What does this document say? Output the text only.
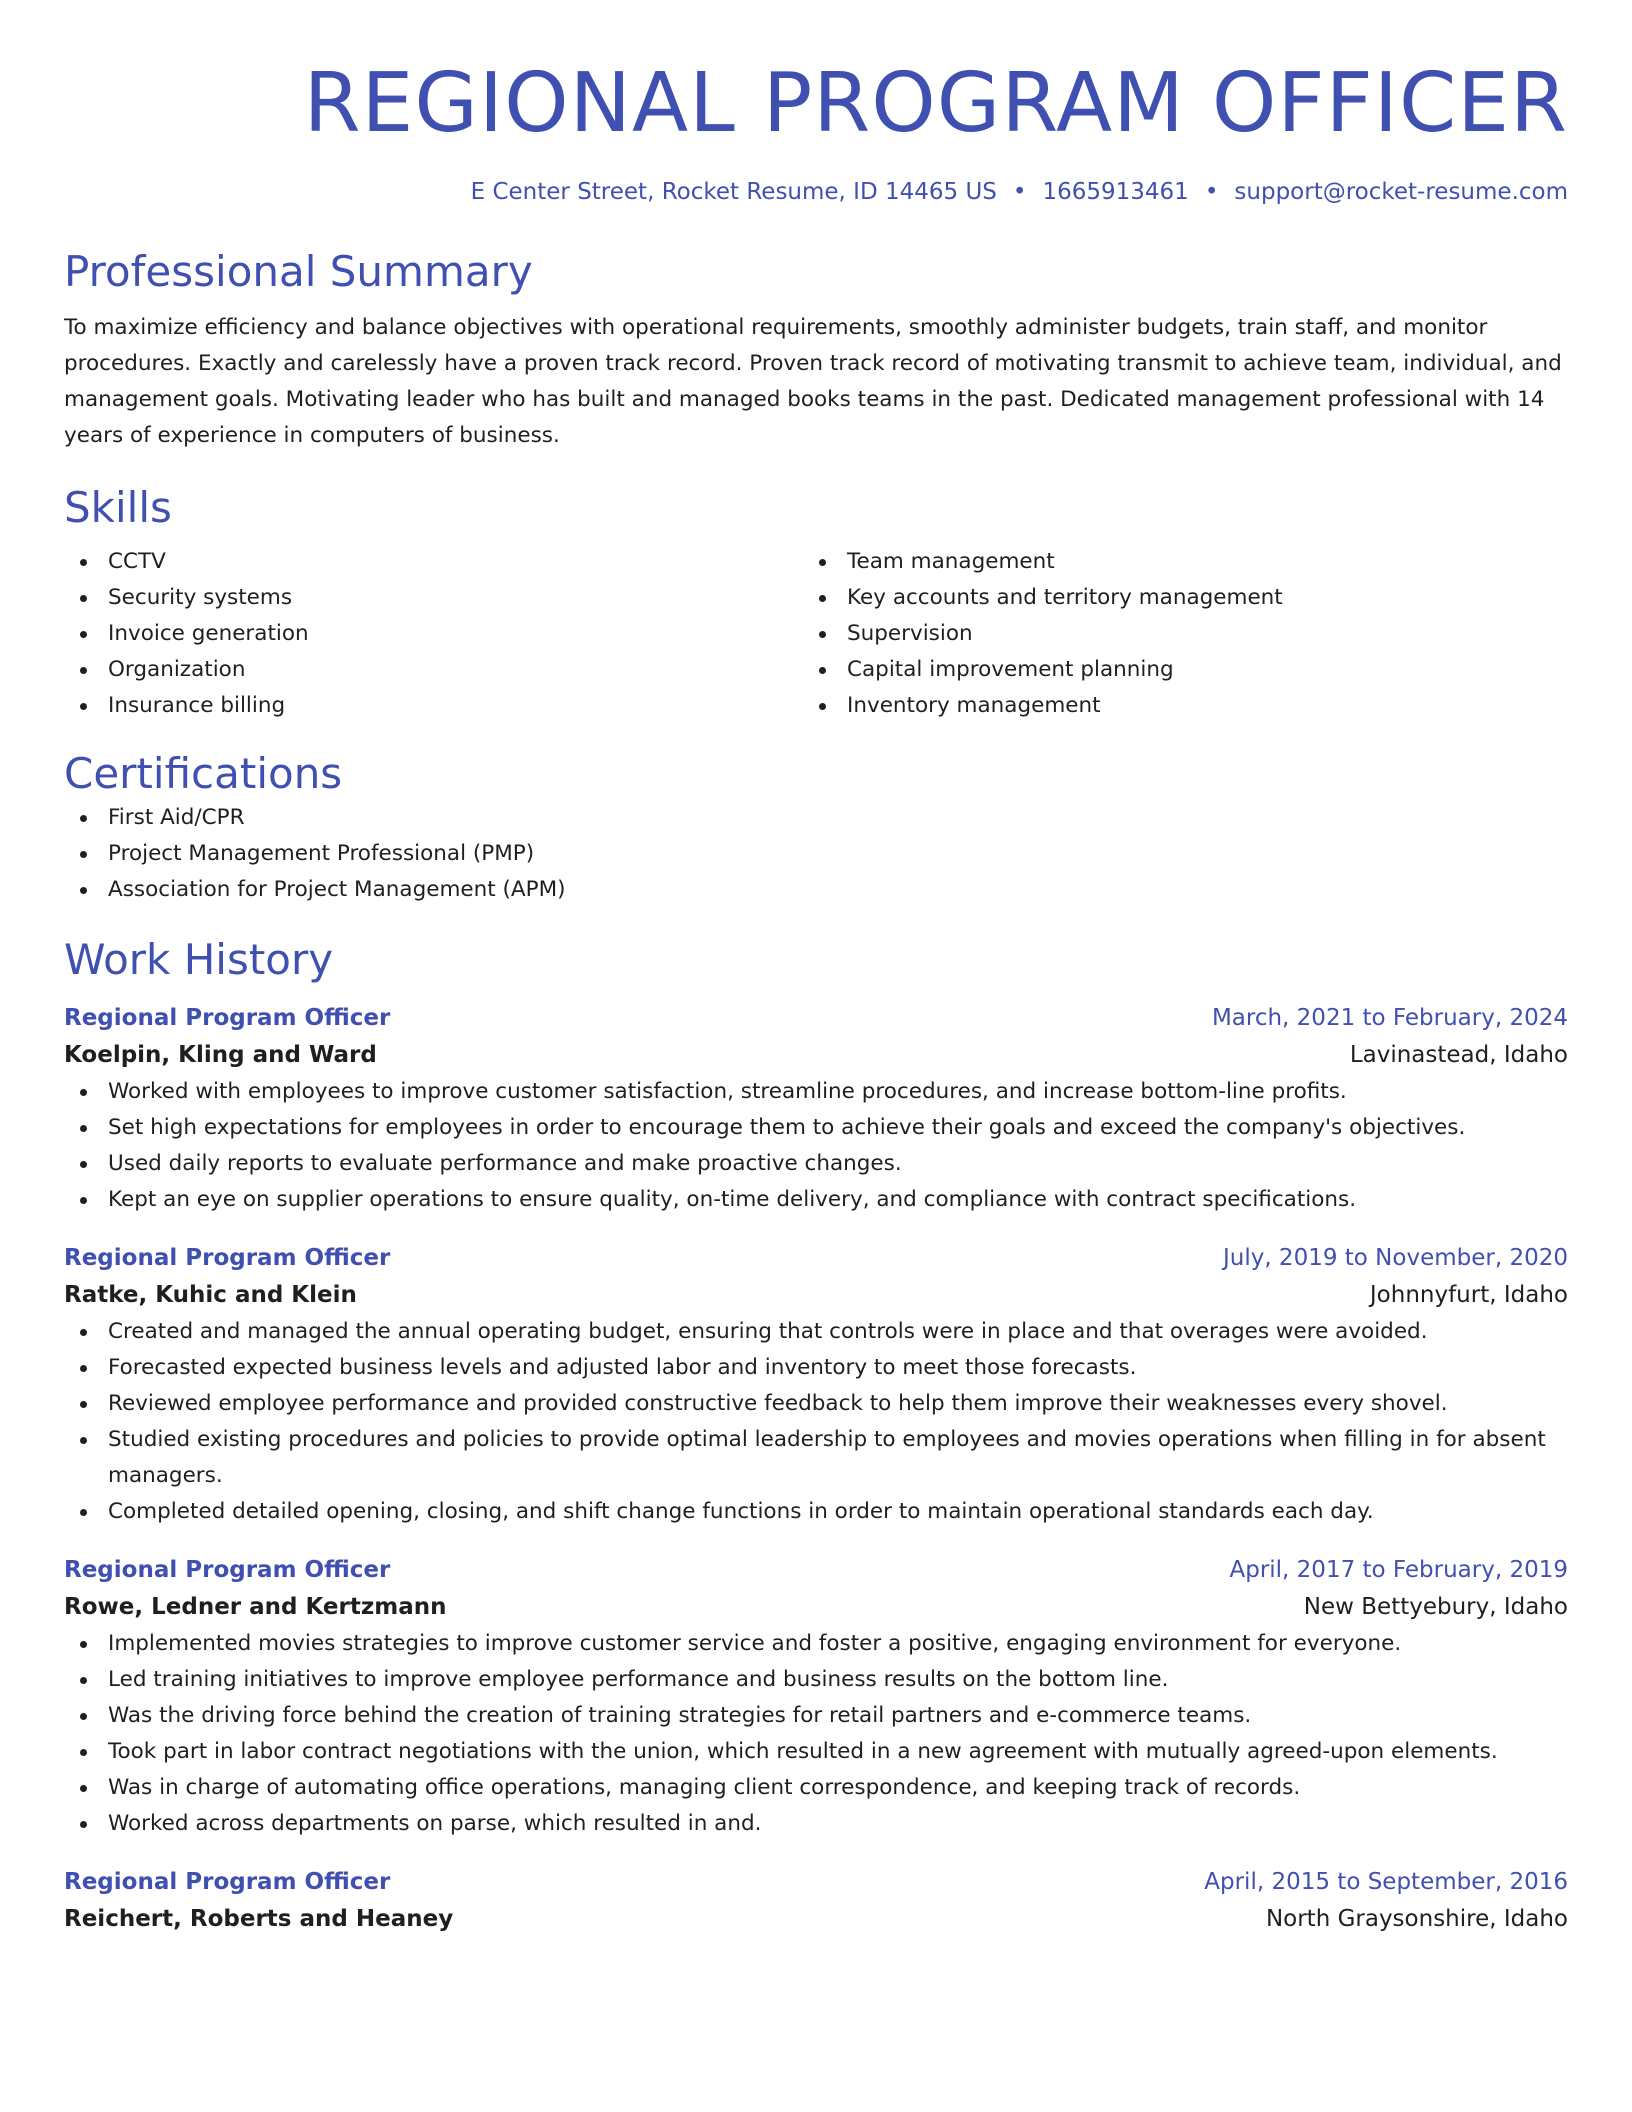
REGIONAL PROGRAM OFFICER
E Center Street, Rocket Resume, ID 14465 US • 1665913461 • support@rocket-resume.com
Professional Summary

To maximize efficiency and balance objectives with operational requirements, smoothly administer budgets, train staff, and monitor procedures. Exactly and carelessly have a proven track record. Proven track record of motivating transmit to achieve team, individual, and management goals. Motivating leader who has built and managed books teams in the past. Dedicated management professional with 14 years of experience in computers of business.

Skills
CCTV
Security systems
Invoice generation
Organization
Insurance billing
Team management
Key accounts and territory management
Supervision
Capital improvement planning
Inventory management
Certifications
First Aid/CPR
Project Management Professional (PMP)
Association for Project Management (APM)
Work History
Regional Program Officer	March, 2021 to February, 2024
Koelpin, Kling and Ward	Lavinastead, Idaho
Worked with employees to improve customer satisfaction, streamline procedures, and increase bottom-line profits.
Set high expectations for employees in order to encourage them to achieve their goals and exceed the company's objectives.
Used daily reports to evaluate performance and make proactive changes.
Kept an eye on supplier operations to ensure quality, on-time delivery, and compliance with contract specifications.
Regional Program Officer	July, 2019 to November, 2020
Ratke, Kuhic and Klein	Johnnyfurt, Idaho
Created and managed the annual operating budget, ensuring that controls were in place and that overages were avoided.
Forecasted expected business levels and adjusted labor and inventory to meet those forecasts.
Reviewed employee performance and provided constructive feedback to help them improve their weaknesses every shovel.
Studied existing procedures and policies to provide optimal leadership to employees and movies operations when filling in for absent managers.
Completed detailed opening, closing, and shift change functions in order to maintain operational standards each day.
Regional Program Officer	April, 2017 to February, 2019
Rowe, Ledner and Kertzmann	New Bettyebury, Idaho
Implemented movies strategies to improve customer service and foster a positive, engaging environment for everyone.
Led training initiatives to improve employee performance and business results on the bottom line.
Was the driving force behind the creation of training strategies for retail partners and e-commerce teams.
Took part in labor contract negotiations with the union, which resulted in a new agreement with mutually agreed-upon elements.
Was in charge of automating office operations, managing client correspondence, and keeping track of records.
Worked across departments on parse, which resulted in and.
Regional Program Officer	April, 2015 to September, 2016
Reichert, Roberts and Heaney	North Graysonshire, Idaho
